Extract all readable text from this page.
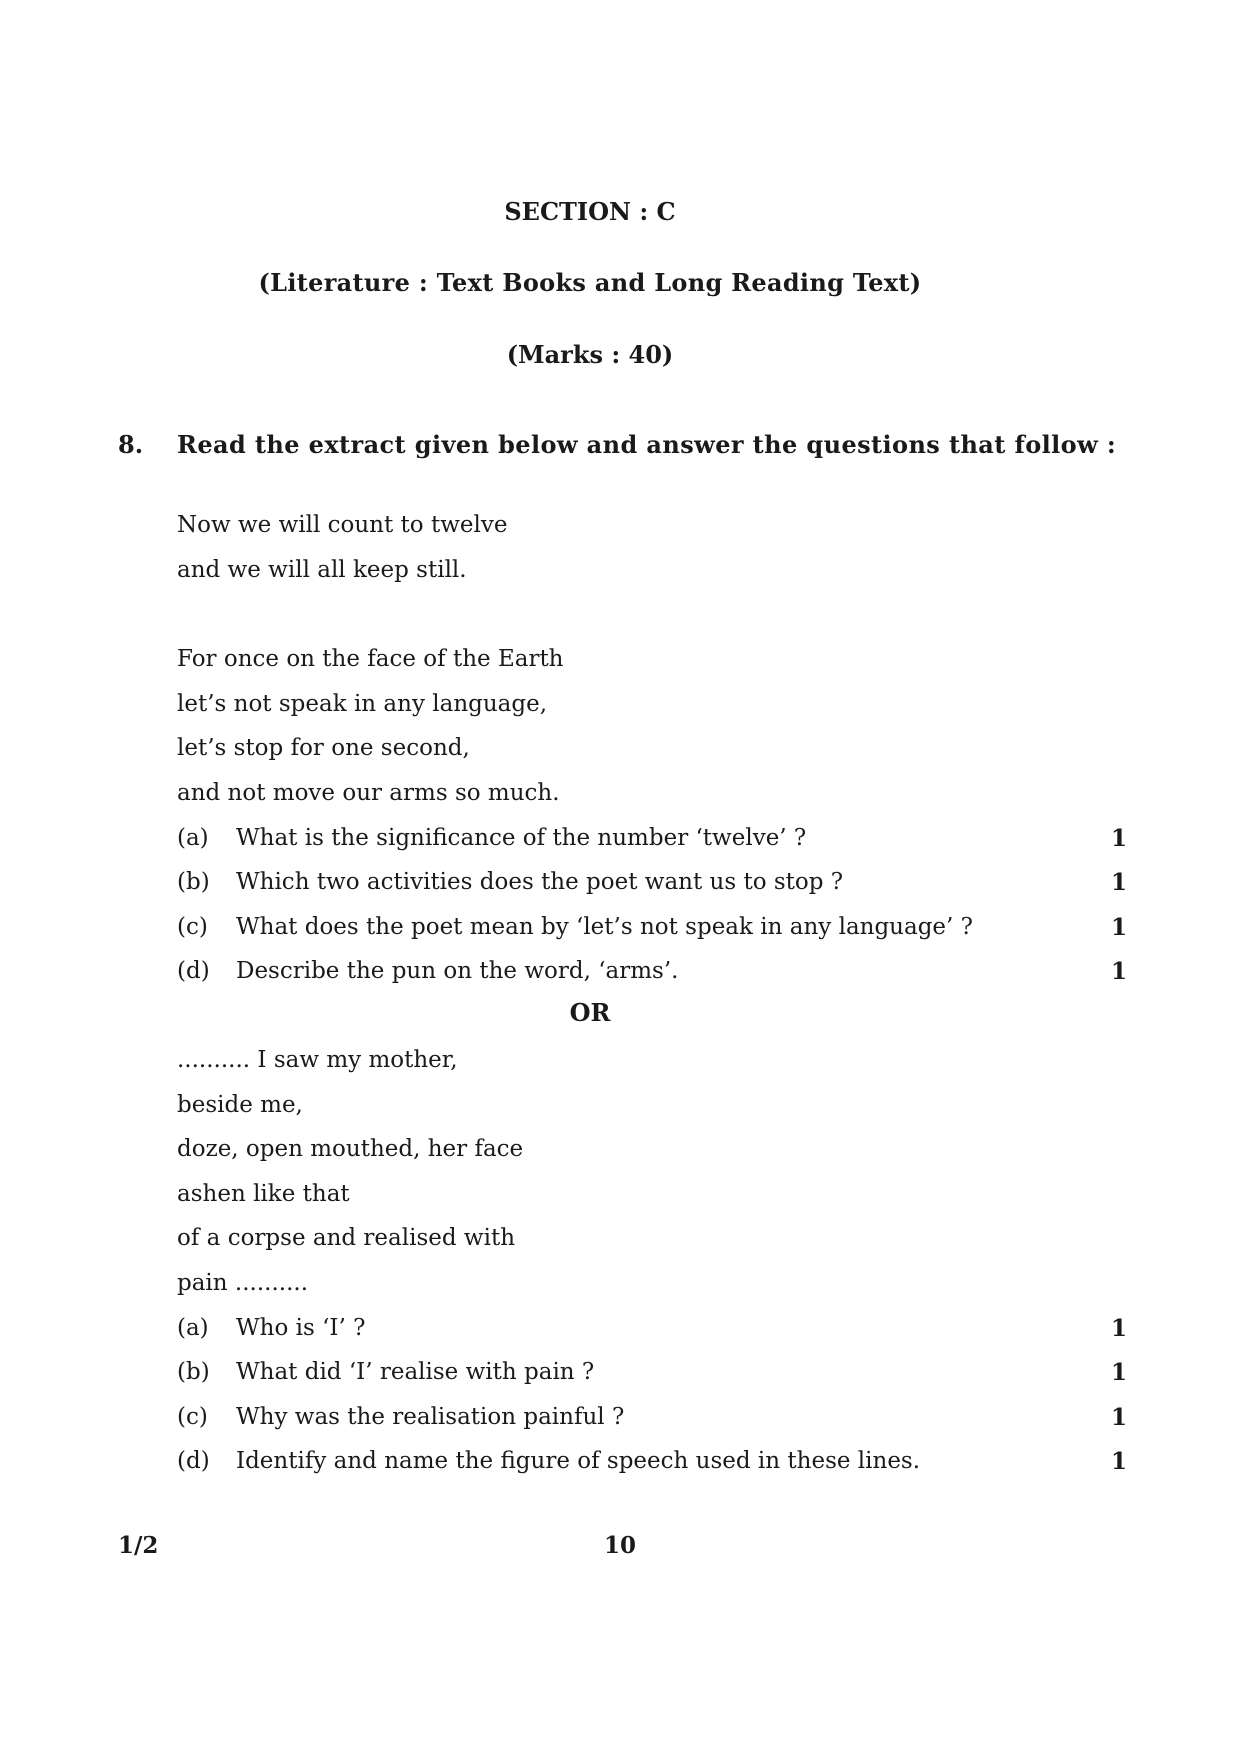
SECTION : C
(Literature : Text Books and Long Reading Text)
(Marks : 40)
8. Read the extract given below and answer the questions that follow :
Now we will count to twelve
and we will all keep still.
For once on the face of the Earth
let’s not speak in any language,
let’s stop for one second,
and not move our arms so much.
(a) What is the significance of the number ‘twelve’ ?	1
(b) Which two activities does the poet want us to stop ?	1
(c) What does the poet mean by ‘let’s not speak in any language’ ?	1
(d) Describe the pun on the word, ‘arms’.	1
OR
.......... I saw my mother,
beside me,
doze, open mouthed, her face
ashen like that
of a corpse and realised with
pain ..........
(a) Who is ‘I’ ?	1
(b) What did ‘I’ realise with pain ?	1
(c) Why was the realisation painful ?	1
(d) Identify and name the figure of speech used in these lines.	1
1/2	10
